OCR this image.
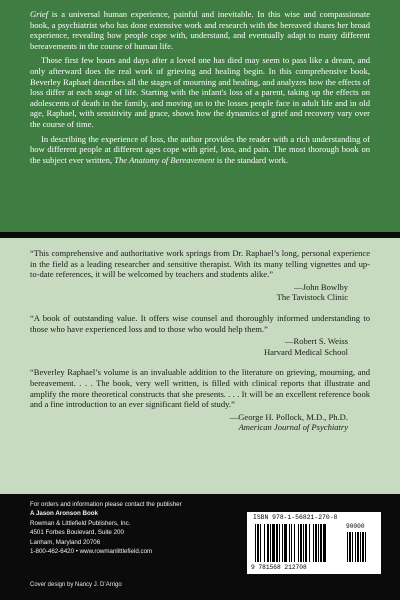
Grief is a universal human experience, painful and inevitable. In this wise and compassionate book, a psychiatrist who has done extensive work and research with the bereaved shares her broad experience, revealing how people cope with, understand, and eventually adapt to many different bereavements in the course of human life.

Those first few hours and days after a loved one has died may seem to pass like a dream, and only afterward does the real work of grieving and healing begin. In this comprehensive book, Beverley Raphael describes all the stages of mourning and healing, and analyzes how the effects of loss differ at each stage of life. Starting with the infant's loss of a parent, taking up the effects on adolescents of death in the family, and moving on to the losses people face in adult life and in old age, Raphael, with sensitivity and grace, shows how the dynamics of grief and recovery vary over the course of time.

In describing the experience of loss, the author provides the reader with a rich understanding of how different people at different ages cope with grief, loss, and pain. The most thorough book on the subject ever written, The Anatomy of Bereavement is the standard work.

“This comprehensive and authoritative work springs from Dr. Raphael’s long, personal experience in the field as a leading researcher and sensitive therapist. With its many telling vignettes and up-to-date references, it will be welcomed by teachers and students alike.”

—John Bowlby

The Tavistock Clinic

“A book of outstanding value. It offers wise counsel and thoroughly informed understanding to those who have experienced loss and to those who would help them.”

—Robert S. Weiss

Harvard Medical School

“Beverley Raphael’s volume is an invaluable addition to the literature on grieving, mourning, and bereavement. . . . The book, very well written, is filled with clinical reports that illustrate and amplify the more theoretical constructs that she presents. . . . It will be an excellent reference book and a fine introduction to an ever significant field of study.”

—George H. Pollock, M.D., Ph.D.

American Journal of Psychiatry

For orders and information please contact the publisher
A Jason Aronson Book
Rowman & Littlefield Publishers, Inc.
4501 Forbes Boulevard, Suite 200
Lanham, Maryland 20706
1-800-462-6420 • www.rowmanlittlefield.com
ISBN 978-1-56821-270-8
90000
9 781568 212708
Cover design by Nancy J. D’Arrigo
